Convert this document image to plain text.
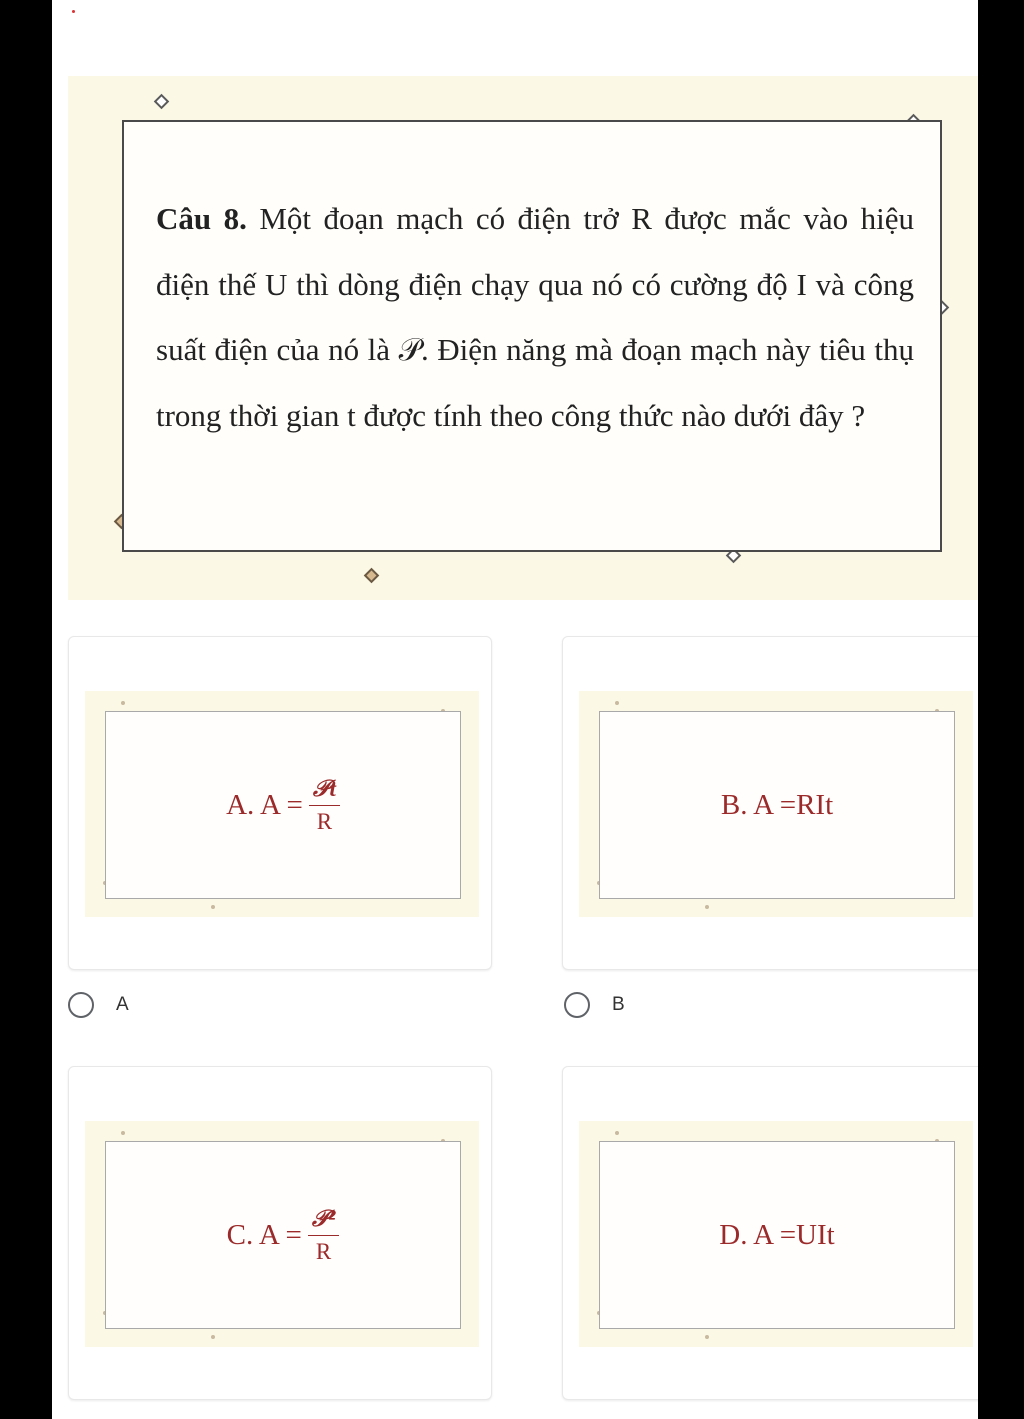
Câu 8. Một đoạn mạch có điện trở R được mắc vào hiệu điện thế U thì dòng điện chạy qua nó có cường độ I và công suất điện của nó là 𝒫. Điện năng mà đoạn mạch này tiêu thụ trong thời gian t được tính theo công thức nào dưới đây ?

A. $A = \frac{\text{𝒫t}}{R}$	B. A =RIt
A	B
C. $A = \frac{\text{𝒫²}}{R}$	D. A =UIt
